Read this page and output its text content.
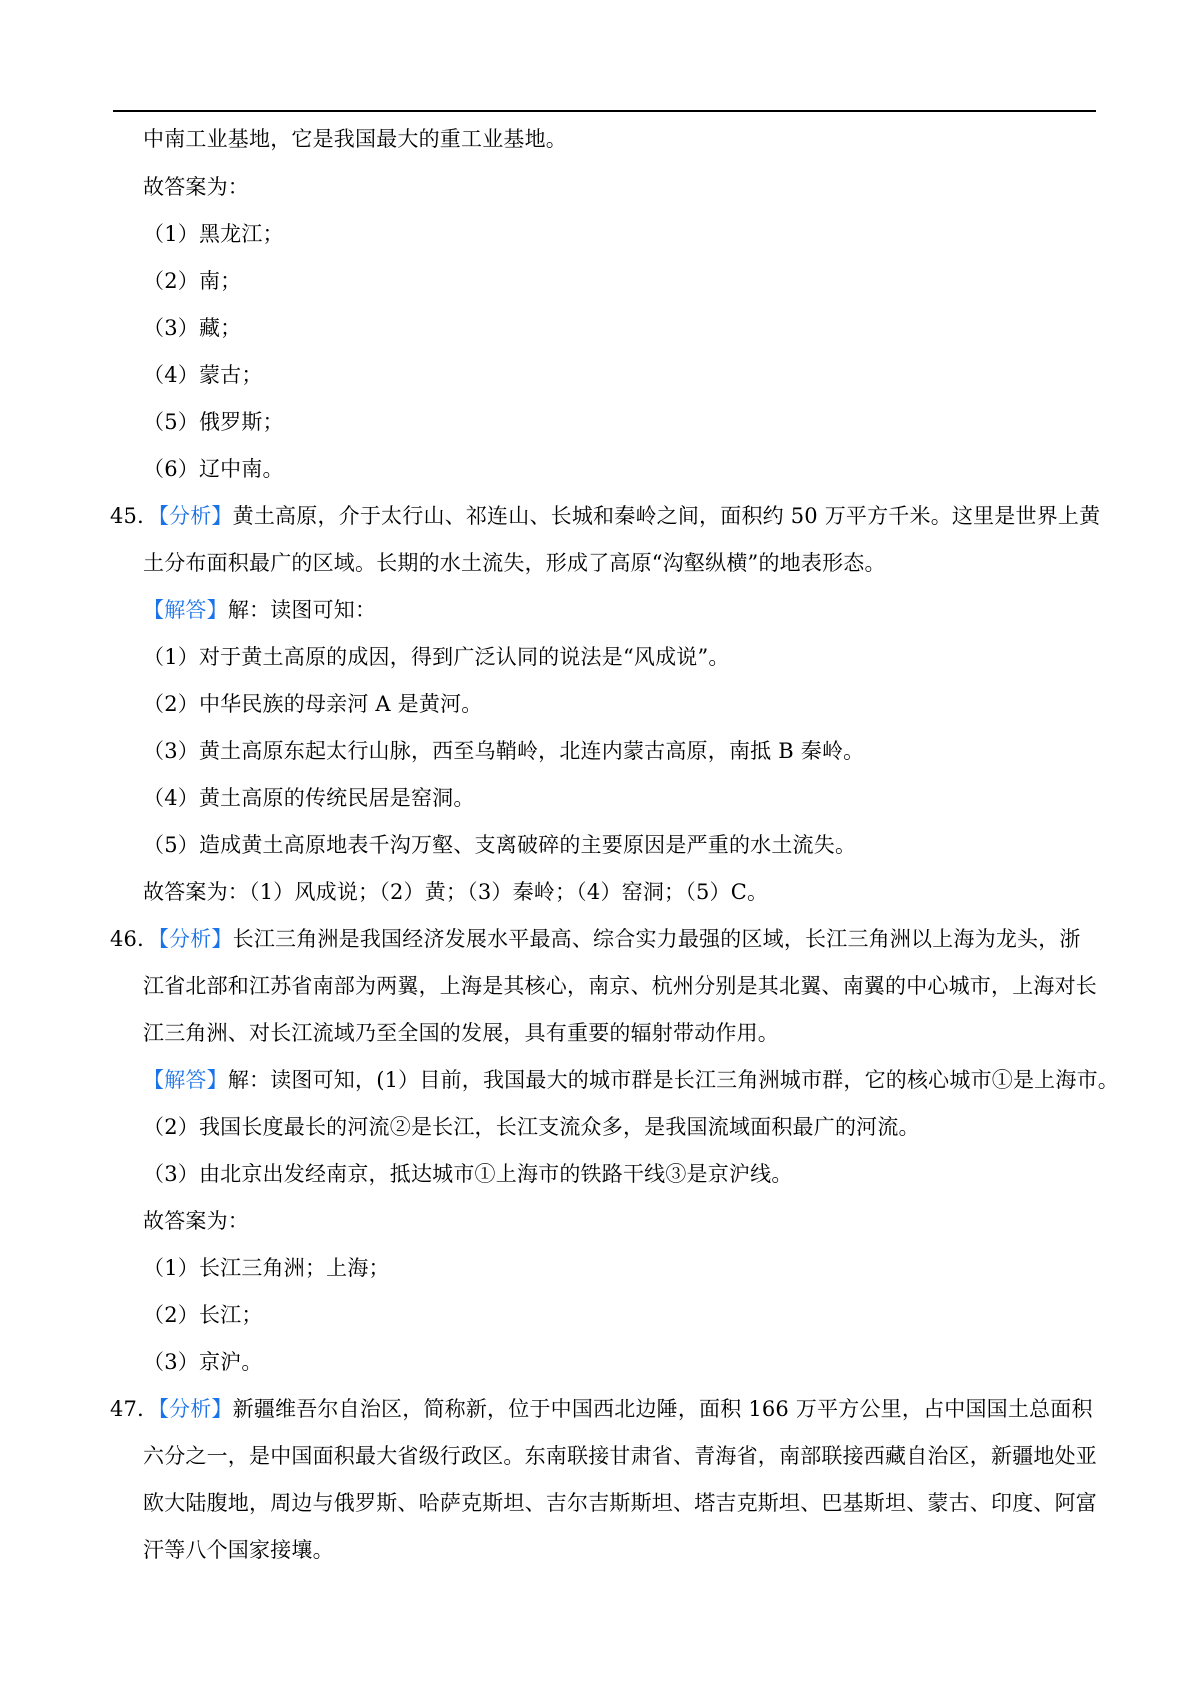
中南工业基地，它是我国最大的重工业基地。
故答案为：
（1）黑龙江；
（2）南；
（3）藏；
（4）蒙古；
（5）俄罗斯；
（6）辽中南。
45．【分析】黄土高原，介于太行山、祁连山、长城和秦岭之间，面积约 50 万平方千米。这里是世界上黄
土分布面积最广的区域。长期的水土流失，形成了高原“沟壑纵横”的地表形态。
【解答】解：读图可知：
（1）对于黄土高原的成因，得到广泛认同的说法是“风成说”。
（2）中华民族的母亲河 A 是黄河。
（3）黄土高原东起太行山脉，西至乌鞘岭，北连内蒙古高原，南抵 B 秦岭。
（4）黄土高原的传统民居是窑洞。
（5）造成黄土高原地表千沟万壑、支离破碎的主要原因是严重的水土流失。
故答案为：（1）风成说；（2）黄；（3）秦岭；（4）窑洞；（5）C。
46．【分析】长江三角洲是我国经济发展水平最高、综合实力最强的区域，长江三角洲以上海为龙头，浙
江省北部和江苏省南部为两翼，上海是其核心，南京、杭州分别是其北翼、南翼的中心城市，上海对长
江三角洲、对长江流域乃至全国的发展，具有重要的辐射带动作用。
【解答】解：读图可知，(1）目前，我国最大的城市群是长江三角洲城市群，它的核心城市①是上海市。
（2）我国长度最长的河流②是长江，长江支流众多，是我国流域面积最广的河流。
（3）由北京出发经南京，抵达城市①上海市的铁路干线③是京沪线。
故答案为：
（1）长江三角洲；上海；
（2）长江；
（3）京沪。
47．【分析】新疆维吾尔自治区，简称新，位于中国西北边陲，面积 166 万平方公里，占中国国土总面积
六分之一，是中国面积最大省级行政区。东南联接甘肃省、青海省，南部联接西藏自治区，新疆地处亚
欧大陆腹地，周边与俄罗斯、哈萨克斯坦、吉尔吉斯斯坦、塔吉克斯坦、巴基斯坦、蒙古、印度、阿富
汗等八个国家接壤。
